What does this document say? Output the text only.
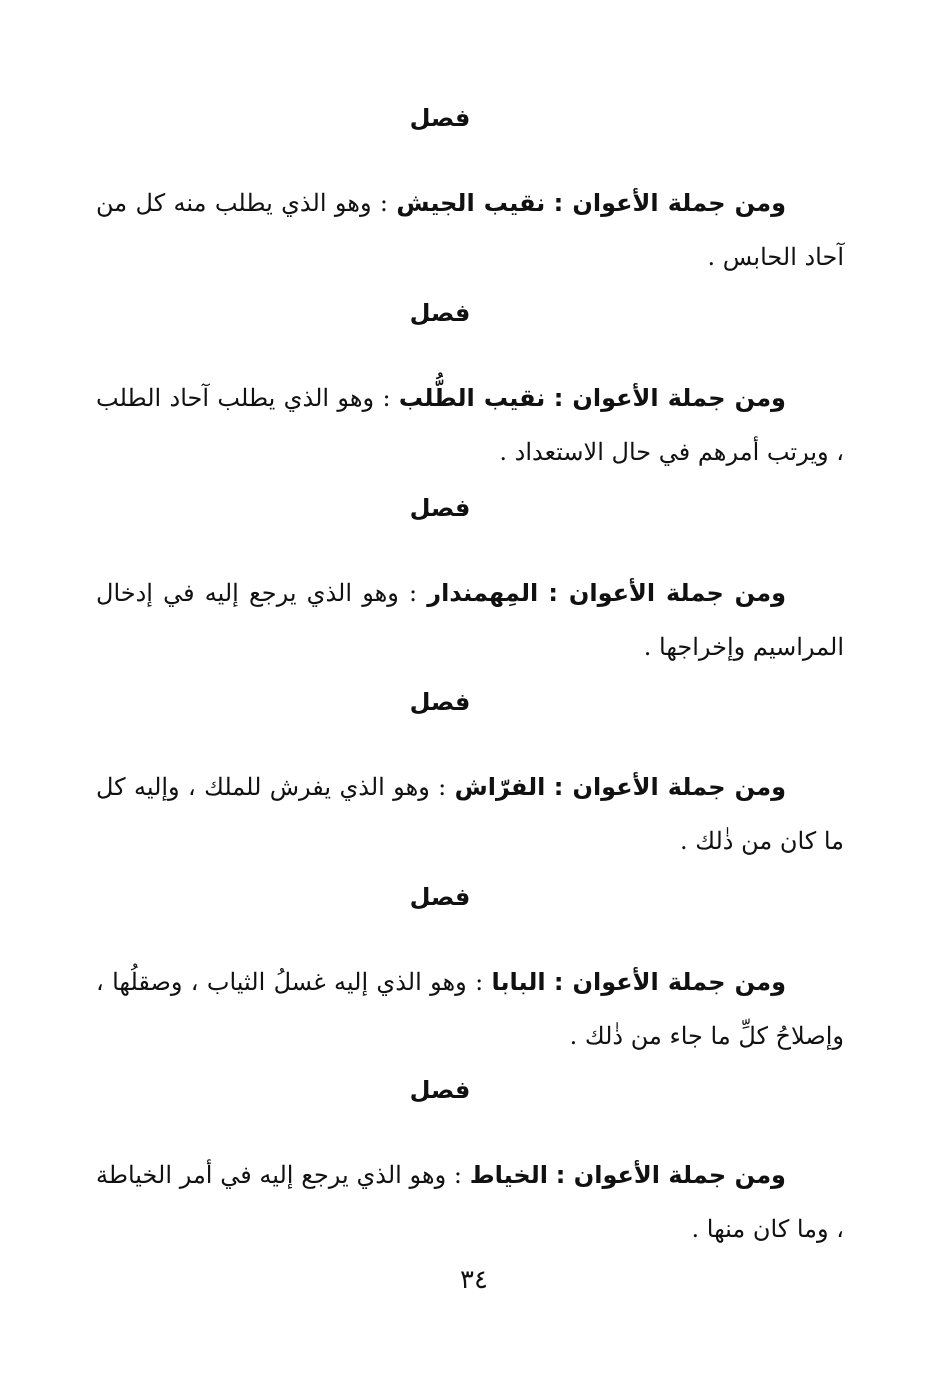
فصل

ومن جملة الأعوان : نقيب الجيش : وهو الذي يطلب منه كل من آحاد الحابس .

فصل

ومن جملة الأعوان : نقيب الطُّلب : وهو الذي يطلب آحاد الطلب ، ويرتب أمرهم في حال الاستعداد .

فصل

ومن جملة الأعوان : المِهمندار : وهو الذي يرجع إليه في إدخال المراسيم وإخراجها .

فصل

ومن جملة الأعوان : الفرّاش : وهو الذي يفرش للملك ، وإليه كل ما كان من ذٰلك .

فصل

ومن جملة الأعوان : البابا : وهو الذي إليه غسلُ الثياب ، وصقلُها ، وإصلاحُ كلِّ ما جاء من ذٰلك .

فصل

ومن جملة الأعوان : الخياط : وهو الذي يرجع إليه في أمر الخياطة ، وما كان منها .

٣٤
